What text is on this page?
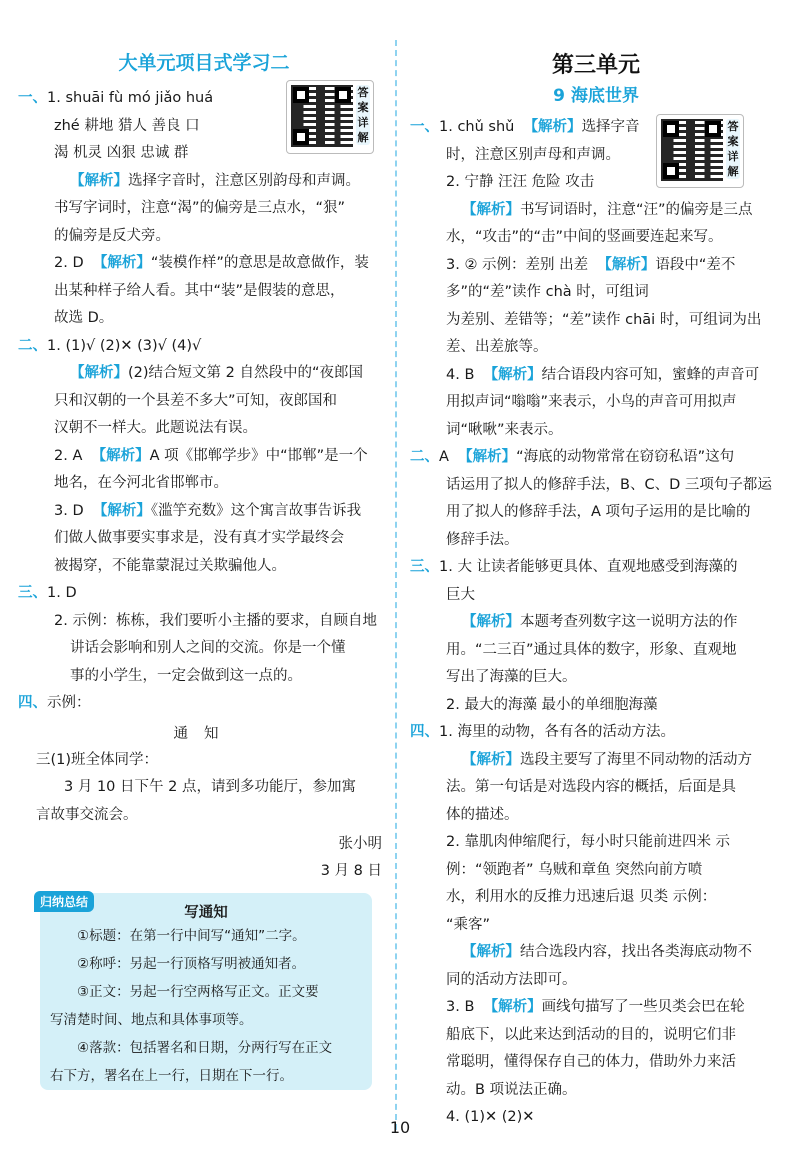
大单元项目式学习二
答案详解

一、1. shuāi fù mó jiǎo huá

zhé 耕地 猎人 善良 口

渴 机灵 凶狠 忠诚 群

【解析】选择字音时，注意区别韵母和声调。

书写字词时，注意“渴”的偏旁是三点水，“狠”

的偏旁是反犬旁。

2. D 【解析】“装模作样”的意思是故意做作，装

出某种样子给人看。其中“装”是假装的意思，

故选 D。

二、1. (1)√ (2)✕ (3)√ (4)√

【解析】(2)结合短文第 2 自然段中的“夜郎国

只和汉朝的一个县差不多大”可知，夜郎国和

汉朝不一样大。此题说法有误。

2. A 【解析】A 项《邯郸学步》中“邯郸”是一个

地名，在今河北省邯郸市。

3. D 【解析】《滥竽充数》这个寓言故事告诉我

们做人做事要实事求是，没有真才实学最终会

被揭穿，不能靠蒙混过关欺骗他人。

三、1. D

2. 示例：栋栋，我们要听小主播的要求，自顾自地

讲话会影响和别人之间的交流。你是一个懂

事的小学生，一定会做到这一点的。

四、示例：

通知

三(1)班全体同学：

3 月 10 日下午 2 点，请到多功能厅，参加寓

言故事交流会。

张小明
3 月 8 日
归纳总结
写通知

①标题：在第一行中间写“通知”二字。

②称呼：另起一行顶格写明被通知者。

③正文：另起一行空两格写正文。正文要

写清楚时间、地点和具体事项等。

④落款：包括署名和日期，分两行写在正文

右下方，署名在上一行，日期在下一行。

第三单元
9 海底世界
答案详解

一、1. chǔ shǔ 【解析】选择字音

时，注意区别声母和声调。

2. 宁静 汪汪 危险 攻击

【解析】书写词语时，注意“汪”的偏旁是三点

水，“攻击”的“击”中间的竖画要连起来写。

3. ② 示例：差别 出差 【解析】语段中“差不

多”的“差”读作 chà 时，可组词

为差别、差错等；“差”读作 chāi 时，可组词为出

差、出差旅等。

4. B 【解析】结合语段内容可知，蜜蜂的声音可

用拟声词“嗡嗡”来表示，小鸟的声音可用拟声

词“啾啾”来表示。

二、A 【解析】“海底的动物常常在窃窃私语”这句

话运用了拟人的修辞手法，B、C、D 三项句子都运

用了拟人的修辞手法，A 项句子运用的是比喻的

修辞手法。

三、1. 大 让读者能够更具体、直观地感受到海藻的

巨大

【解析】本题考查列数字这一说明方法的作

用。“二三百”通过具体的数字，形象、直观地

写出了海藻的巨大。

2. 最大的海藻 最小的单细胞海藻

四、1. 海里的动物，各有各的活动方法。

【解析】选段主要写了海里不同动物的活动方

法。第一句话是对选段内容的概括，后面是具

体的描述。

2. 靠肌肉伸缩爬行，每小时只能前进四米 示

例：“领跑者” 乌贼和章鱼 突然向前方喷

水，利用水的反推力迅速后退 贝类 示例：

“乘客”

【解析】结合选段内容，找出各类海底动物不

同的活动方法即可。

3. B 【解析】画线句描写了一些贝类会巴在轮

船底下，以此来达到活动的目的，说明它们非

常聪明，懂得保存自己的体力，借助外力来活

动。B 项说法正确。

4. (1)✕ (2)✕

10
